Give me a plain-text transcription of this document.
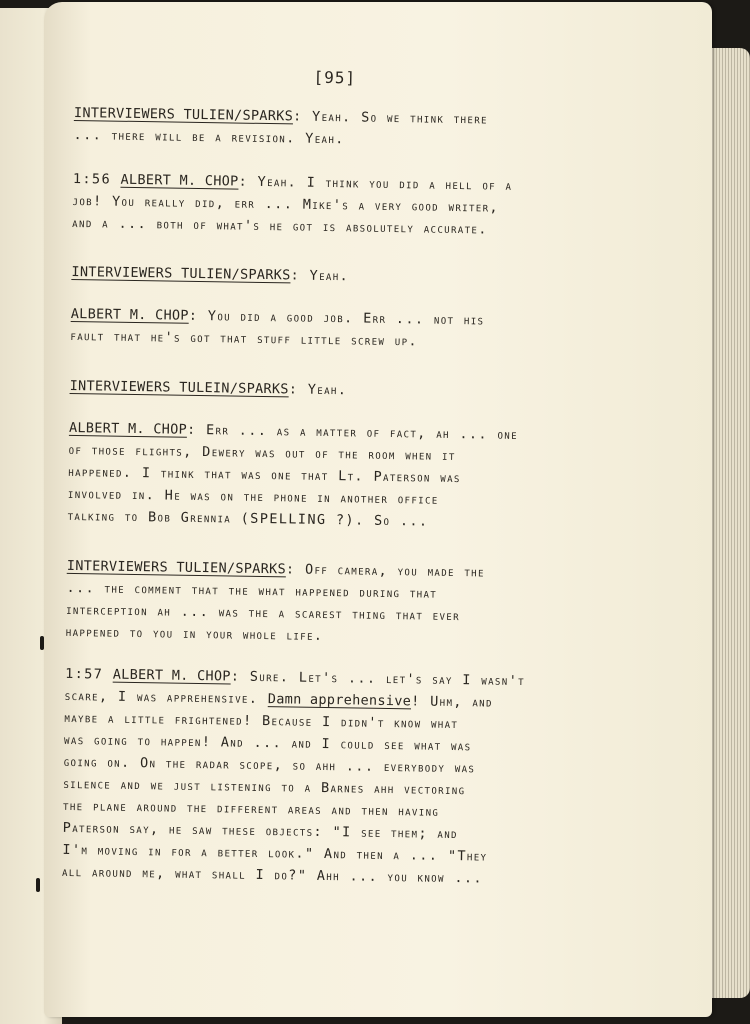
[95]
INTERVIEWERS TULIEN/SPARKS: Yeah. So we think there
... there will be a revision. Yeah.
1:56 ALBERT M. CHOP: Yeah. I think you did a hell of a
job! You really did, err ... Mike's a very good writer,
and a ... both of what's he got is absolutely accurate.
INTERVIEWERS TULIEN/SPARKS: Yeah.
ALBERT M. CHOP: You did a good job. Err ... not his
fault that he's got that stuff little screw up.
INTERVIEWERS TULEIN/SPARKS: Yeah.
ALBERT M. CHOP: Err ... as a matter of fact, ah ... one
of those flights, Dewery was out of the room when it
happened. I think that was one that Lt. Paterson was
involved in. He was on the phone in another office
talking to Bob Grennia (SPELLING ?). So ...
INTERVIEWERS TULIEN/SPARKS: Off camera, you made the
... the comment that the what happened during that
interception ah ... was the a scarest thing that ever
happened to you in your whole life.
1:57 ALBERT M. CHOP: Sure. Let's ... let's say I wasn't
scare, I was apprehensive. Damn apprehensive! Uhm, and
maybe a little frightened! Because I didn't know what
was going to happen! And ... and I could see what was
going on. On the radar scope, so ahh ... everybody was
silence and we just listening to a Barnes ahh vectoring
the plane around the different areas and then having
Paterson say, he saw these objects: "I see them; and
I'm moving in for a better look." And then a ... "They
all around me, what shall I do?" Ahh ... you know ...
